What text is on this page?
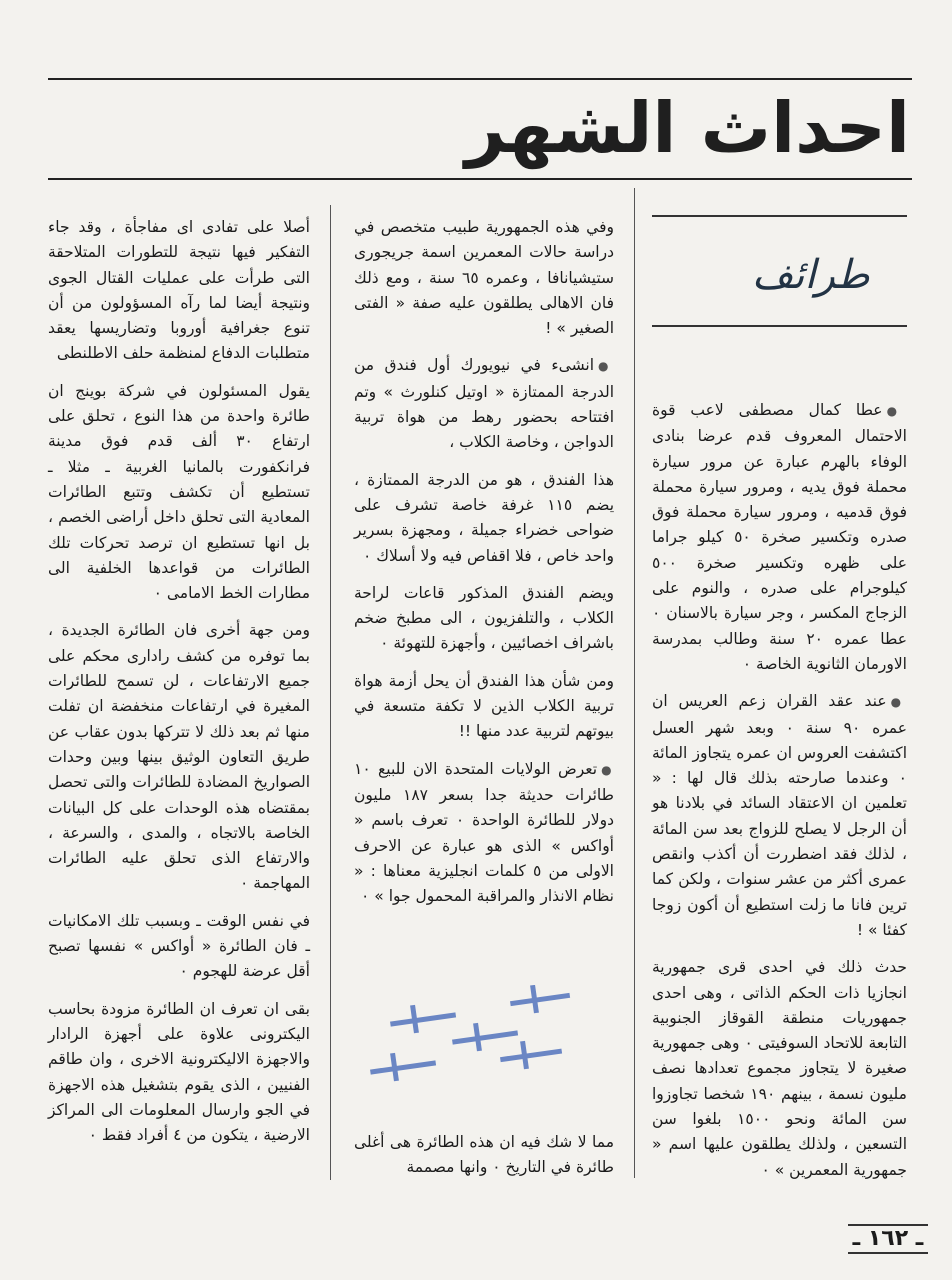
احداث الشهر
طرائف

●عطا كمال مصطفى لاعب قوة الاحتمال المعروف قدم عرضا بنادى الوفاء بالهرم عبارة عن مرور سيارة محملة فوق يديه ، ومرور سيارة محملة فوق قدميه ، ومرور سيارة محملة فوق صدره وتكسير صخرة ٥٠ كيلو جراما على ظهره وتكسير صخرة ٥٠٠ كيلوجرام على صدره ، والنوم على الزجاج المكسر ، وجر سيارة بالاسنان ٠ عطا عمره ٢٠ سنة وطالب بمدرسة الاورمان الثانوية الخاصة ٠

●عند عقد القران زعم العريس ان عمره ٩٠ سنة ٠ وبعد شهر العسل اكتشفت العروس ان عمره يتجاوز المائة ٠ وعندما صارحته بذلك قال لها : « تعلمين ان الاعتقاد السائد في بلادنا هو أن الرجل لا يصلح للزواج بعد سن المائة ، لذلك فقد اضطررت أن أكذب وانقص عمرى أكثر من عشر سنوات ، ولكن كما ترين فانا ما زلت استطيع أن أكون زوجا كفئا » !

حدث ذلك في احدى قرى جمهورية انجازيا ذات الحكم الذاتى ، وهى احدى جمهوريات منطقة القوقاز الجنوبية التابعة للاتحاد السوفيتى ٠ وهى جمهورية صغيرة لا يتجاوز مجموع تعدادها نصف مليون نسمة ، بينهم ١٩٠ شخصا تجاوزوا سن المائة ونحو ١٥٠٠ بلغوا سن التسعين ، ولذلك يطلقون عليها اسم « جمهورية المعمرين » ٠

وفي هذه الجمهورية طبيب متخصص في دراسة حالات المعمرين اسمة جريجورى ستيشيانافا ، وعمره ٦٥ سنة ، ومع ذلك فان الاهالى يطلقون عليه صفة « الفتى الصغير » !

●انشىء في نيويورك أول فندق من الدرجة الممتازة « اوتيل كنلورث » وتم افتتاحه بحضور رهط من هواة تربية الدواجن ، وخاصة الكلاب ،

هذا الفندق ، هو من الدرجة الممتازة ، يضم ١١٥ غرفة خاصة تشرف على ضواحى خضراء جميلة ، ومجهزة بسرير واحد خاص ، فلا اقفاص فيه ولا أسلاك ٠

ويضم الفندق المذكور قاعات لراحة الكلاب ، والتلفزيون ، الى مطبخ ضخم باشراف اخصائيين ، وأجهزة للتهوئة ٠

ومن شأن هذا الفندق أن يحل أزمة هواة تربية الكلاب الذين لا تكفة متسعة في بيوتهم لتربية عدد منها !!

●تعرض الولايات المتحدة الان للبيع ١٠ طائرات حديثة جدا بسعر ١٨٧ مليون دولار للطائرة الواحدة ٠ تعرف باسم « أواكس » الذى هو عبارة عن الاحرف الاولى من ٥ كلمات انجليزية معناها : « نظام الانذار والمراقبة المحمول جوا » ٠

مما لا شك فيه ان هذه الطائرة هى أغلى طائرة في التاريخ ٠ وانها مصممة

أصلا على تفادى اى مفاجأة ، وقد جاء التفكير فيها نتيجة للتطورات المتلاحقة التى طرأت على عمليات القتال الجوى ونتيجة أيضا لما رآه المسؤولون من أن تنوع جغرافية أوروبا وتضاريسها يعقد متطلبات الدفاع لمنظمة حلف الاطلنطى

يقول المسئولون في شركة بوينج ان طائرة واحدة من هذا النوع ، تحلق على ارتفاع ٣٠ ألف قدم فوق مدينة فرانكفورت بالمانيا الغربية ـ مثلا ـ تستطيع أن تكشف وتتبع الطائرات المعادية التى تحلق داخل أراضى الخصم ، بل انها تستطيع ان ترصد تحركات تلك الطائرات من قواعدها الخلفية الى مطارات الخط الامامى ٠

ومن جهة أخرى فان الطائرة الجديدة ، بما توفره من كشف رادارى محكم على جميع الارتفاعات ، لن تسمح للطائرات المغيرة في ارتفاعات منخفضة ان تفلت منها ثم بعد ذلك لا تتركها بدون عقاب عن طريق التعاون الوثيق بينها وبين وحدات الصواريخ المضادة للطائرات والتى تحصل بمقتضاه هذه الوحدات على كل البيانات الخاصة بالاتجاه ، والمدى ، والسرعة ، والارتفاع الذى تحلق عليه الطائرات المهاجمة ٠

في نفس الوقت ـ وبسبب تلك الامكانيات ـ فان الطائرة « أواكس » نفسها تصبح أقل عرضة للهجوم ٠

بقى ان تعرف ان الطائرة مزودة بحاسب اليكترونى علاوة على أجهزة الرادار والاجهزة الاليكترونية الاخرى ، وان طاقم الفنيين ، الذى يقوم بتشغيل هذه الاجهزة في الجو وارسال المعلومات الى المراكز الارضية ، يتكون من ٤ أفراد فقط ٠

ـ ١٦٢ ـ
